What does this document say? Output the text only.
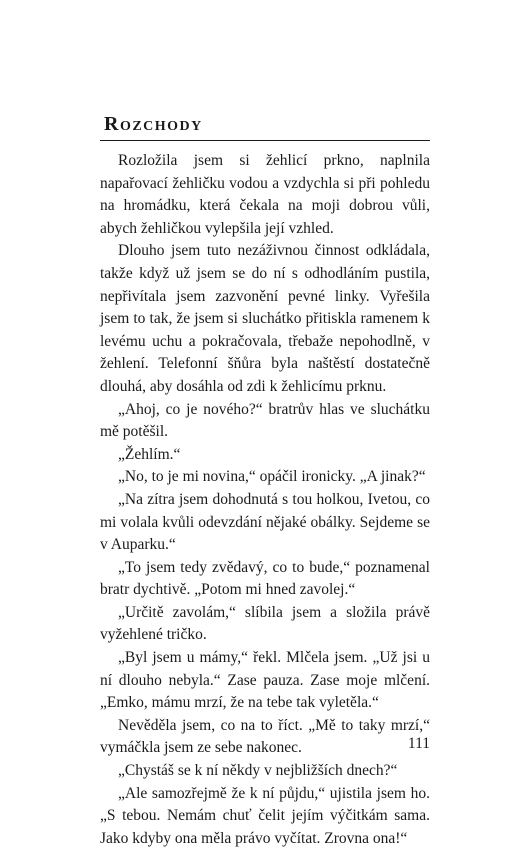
Rozchody

Rozložila jsem si žehlicí prkno, naplnila napařovací žehličku vodou a vzdychla si při pohledu na hromádku, která čekala na moji dobrou vůli, abych žehličkou vylepšila její vzhled.

Dlouho jsem tuto nezáživnou činnost odkládala, takže když už jsem se do ní s odhodláním pustila, nepřivítala jsem zazvonění pevné linky. Vyřešila jsem to tak, že jsem si sluchátko přitiskla ramenem k levému uchu a pokračovala, třebaže nepohodlně, v žehlení. Telefonní šňůra byla naštěstí dostatečně dlouhá, aby dosáhla od zdi k žehlicímu prknu.

„Ahoj, co je nového?“ bratrův hlas ve sluchátku mě potěšil.

„Žehlím.“

„No, to je mi novina,“ opáčil ironicky. „A jinak?“

„Na zítra jsem dohodnutá s tou holkou, Ivetou, co mi volala kvůli odevzdání nějaké obálky. Sejdeme se v Auparku.“

„To jsem tedy zvědavý, co to bude,“ poznamenal bratr dychtivě. „Potom mi hned zavolej.“

„Určitě zavolám,“ slíbila jsem a složila právě vyžehlené tričko.

„Byl jsem u mámy,“ řekl. Mlčela jsem. „Už jsi u ní dlouho nebyla.“ Zase pauza. Zase moje mlčení. „Emko, mámu mrzí, že na tebe tak vyletěla.“

Nevěděla jsem, co na to říct. „Mě to taky mrzí,“ vymáčkla jsem ze sebe nakonec.

„Chystáš se k ní někdy v nejbližších dnech?“

„Ale samozřejmě že k ní půjdu,“ ujistila jsem ho. „S tebou. Nemám chuť čelit jejím výčitkám sama. Jako kdyby ona měla právo vyčítat. Zrovna ona!“

111
